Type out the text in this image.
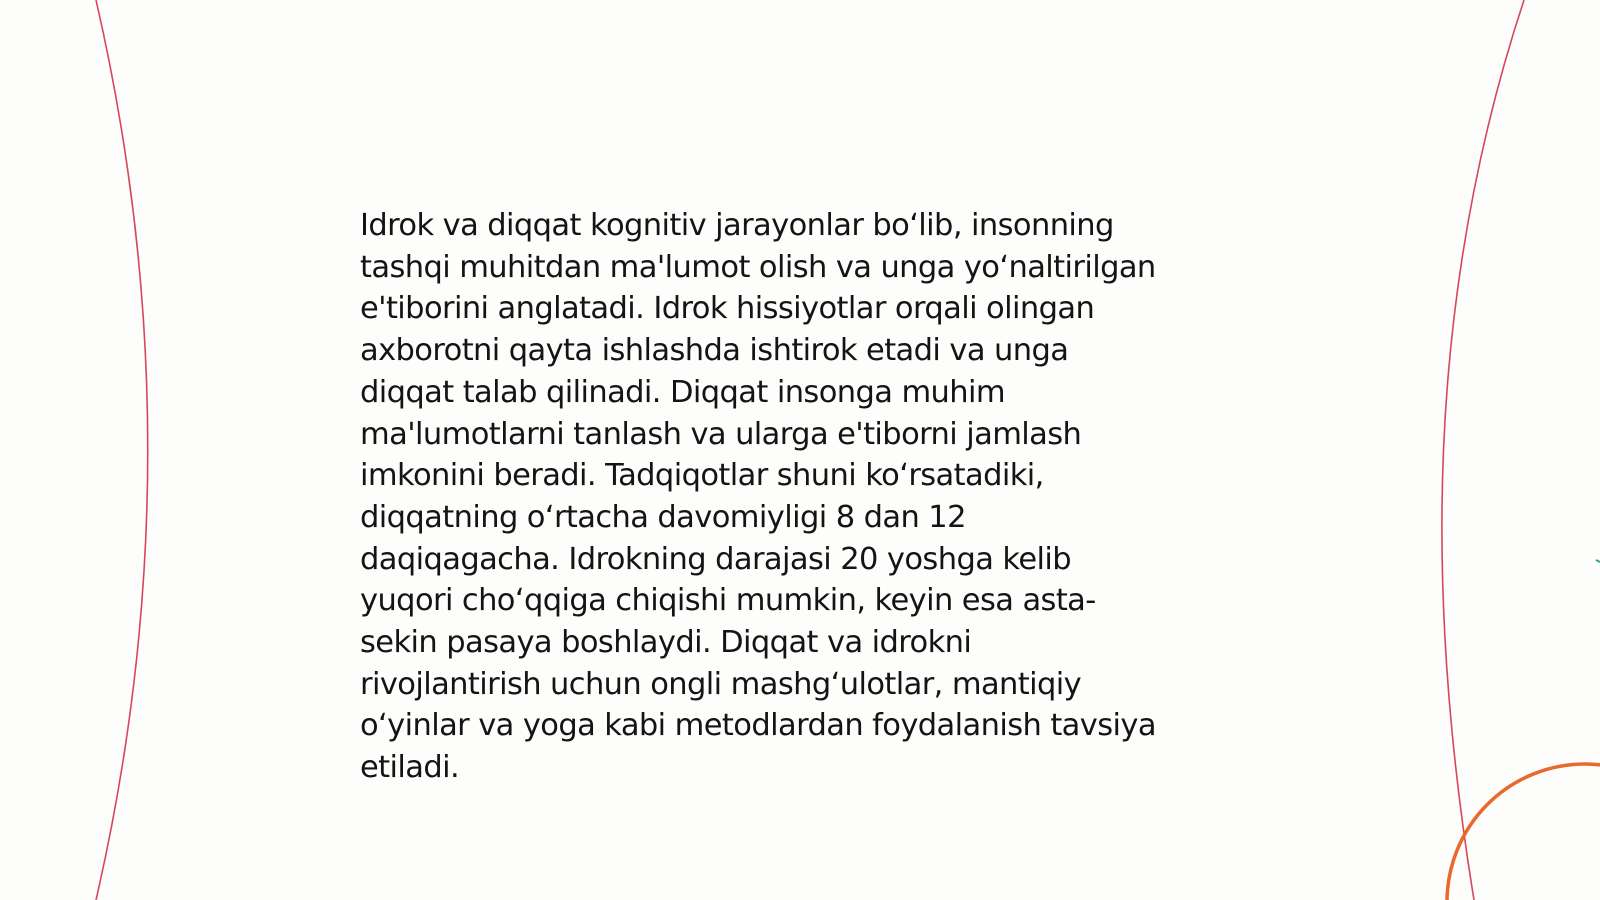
Idrok va diqqat kognitiv jarayonlar bo‘lib, insonning
tashqi muhitdan ma'lumot olish va unga yo‘naltirilgan
e'tiborini anglatadi. Idrok hissiyotlar orqali olingan
axborotni qayta ishlashda ishtirok etadi va unga
diqqat talab qilinadi. Diqqat insonga muhim
ma'lumotlarni tanlash va ularga e'tiborni jamlash
imkonini beradi. Tadqiqotlar shuni ko‘rsatadiki,
diqqatning o‘rtacha davomiyligi 8 dan 12
daqiqagacha. Idrokning darajasi 20 yoshga kelib
yuqori cho‘qqiga chiqishi mumkin, keyin esa asta-
sekin pasaya boshlaydi. Diqqat va idrokni
rivojlantirish uchun ongli mashg‘ulotlar, mantiqiy
o‘yinlar va yoga kabi metodlardan foydalanish tavsiya
etiladi.
